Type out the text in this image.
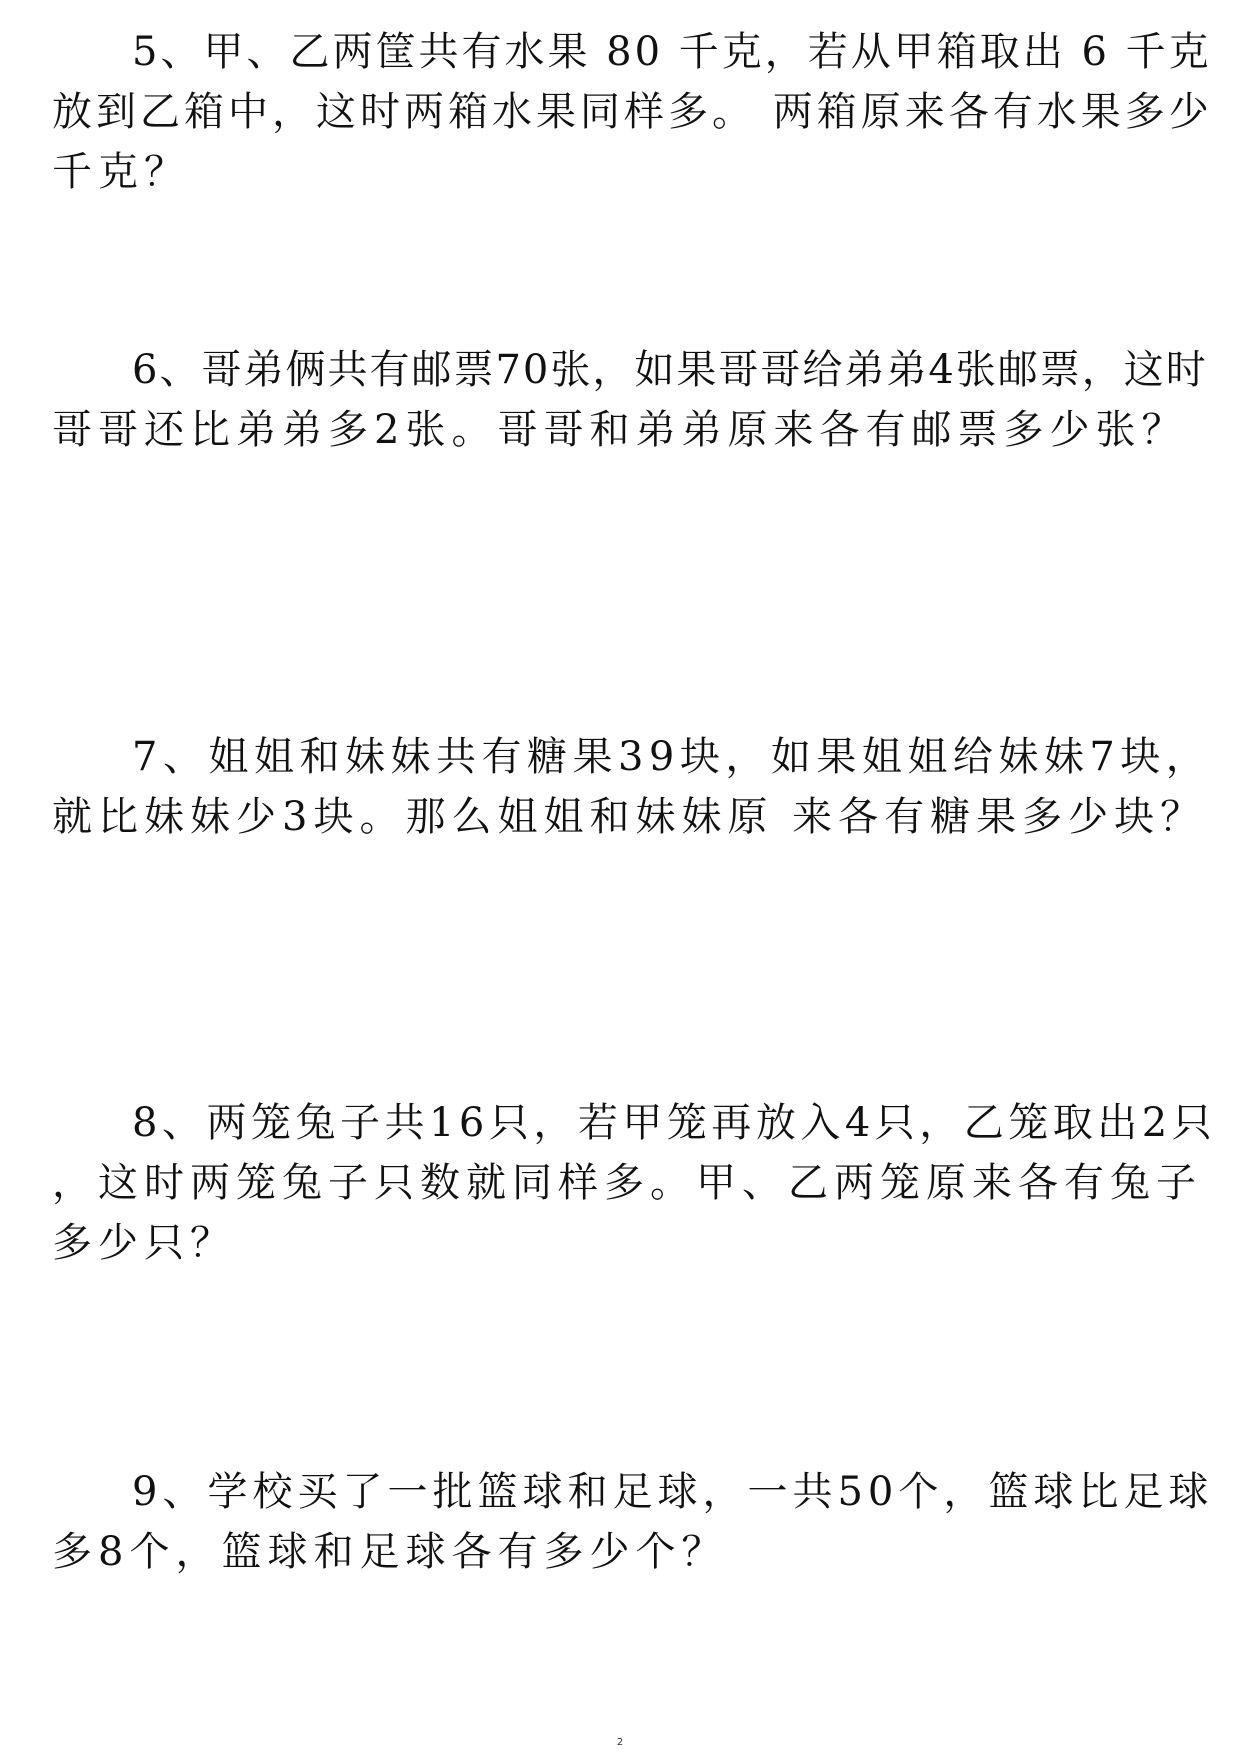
5、甲、乙两筐共有水果 80 千克，若从甲箱取出 6 千克
放到乙箱中，这时两箱水果同样多。 两箱原来各有水果多少
千克？

6、哥弟俩共有邮票70张，如果哥哥给弟弟4张邮票，这时
哥哥还比弟弟多2张。哥哥和弟弟原来各有邮票多少张？

7、姐姐和妹妹共有糖果39块，如果姐姐给妹妹7块，
就比妹妹少3块。那么姐姐和妹妹原 来各有糖果多少块？

8、两笼兔子共16只，若甲笼再放入4只，乙笼取出2只
，这时两笼兔子只数就同样多。甲、乙两笼原来各有兔子
多少只？

9、学校买了一批篮球和足球，一共50个，篮球比足球
多8个，篮球和足球各有多少个？

2
